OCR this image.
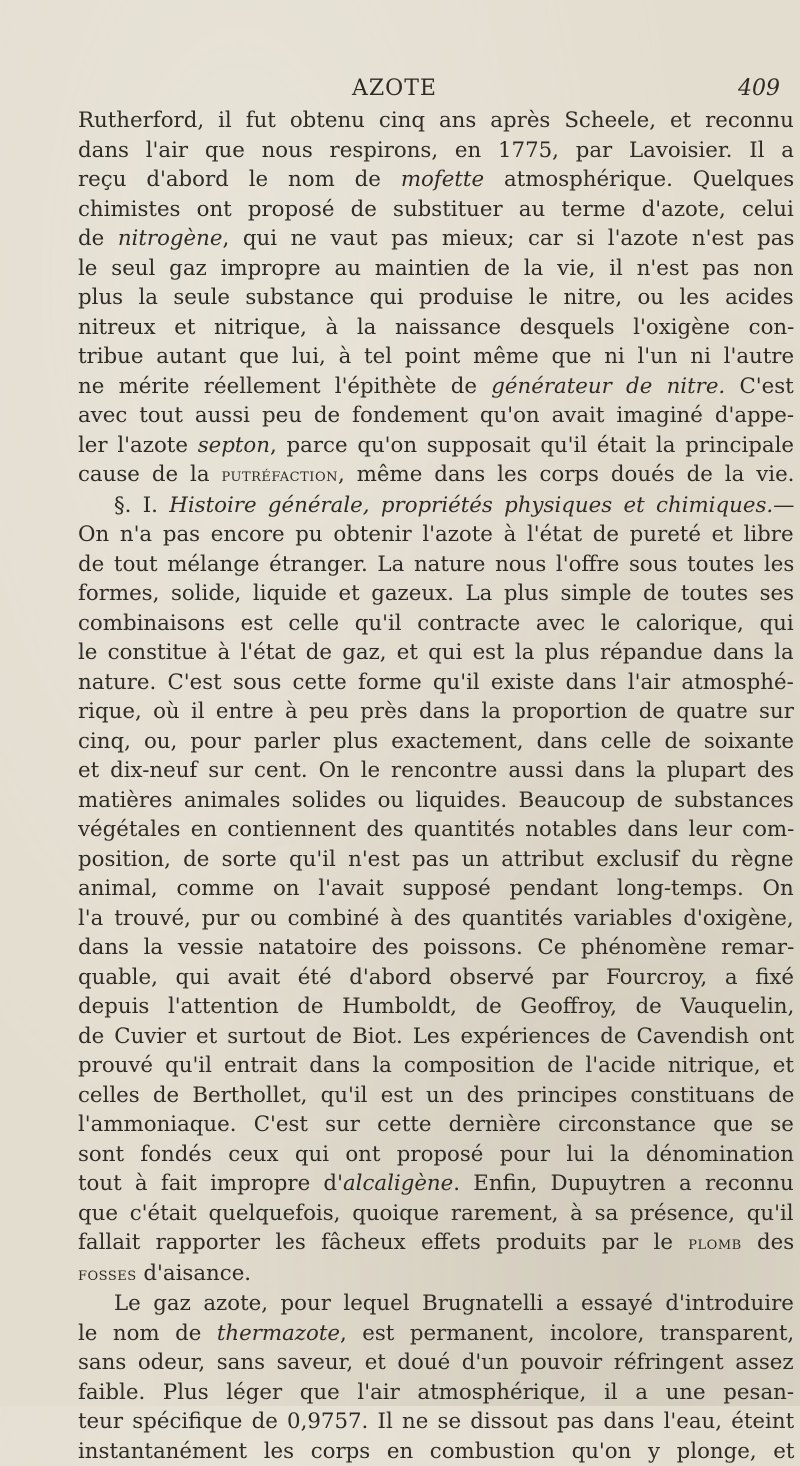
AZOTE	409
Rutherford, il fut obtenu cinq ans après Scheele, et reconnu
dans l'air que nous respirons, en 1775, par Lavoisier. Il a
reçu d'abord le nom de mofette atmosphérique. Quelques
chimistes ont proposé de substituer au terme d'azote, celui
de nitrogène, qui ne vaut pas mieux; car si l'azote n'est pas
le seul gaz impropre au maintien de la vie, il n'est pas non
plus la seule substance qui produise le nitre, ou les acides
nitreux et nitrique, à la naissance desquels l'oxigène con-
tribue autant que lui, à tel point même que ni l'un ni l'autre
ne mérite réellement l'épithète de générateur de nitre. C'est
avec tout aussi peu de fondement qu'on avait imaginé d'appe-
ler l'azote septon, parce qu'on supposait qu'il était la principale
cause de la putréfaction, même dans les corps doués de la vie.
§. I. Histoire générale, propriétés physiques et chimiques.—
On n'a pas encore pu obtenir l'azote à l'état de pureté et libre
de tout mélange étranger. La nature nous l'offre sous toutes les
formes, solide, liquide et gazeux. La plus simple de toutes ses
combinaisons est celle qu'il contracte avec le calorique, qui
le constitue à l'état de gaz, et qui est la plus répandue dans la
nature. C'est sous cette forme qu'il existe dans l'air atmosphé-
rique, où il entre à peu près dans la proportion de quatre sur
cinq, ou, pour parler plus exactement, dans celle de soixante
et dix-neuf sur cent. On le rencontre aussi dans la plupart des
matières animales solides ou liquides. Beaucoup de substances
végétales en contiennent des quantités notables dans leur com-
position, de sorte qu'il n'est pas un attribut exclusif du règne
animal, comme on l'avait supposé pendant long-temps. On
l'a trouvé, pur ou combiné à des quantités variables d'oxigène,
dans la vessie natatoire des poissons. Ce phénomène remar-
quable, qui avait été d'abord observé par Fourcroy, a fixé
depuis l'attention de Humboldt, de Geoffroy, de Vauquelin,
de Cuvier et surtout de Biot. Les expériences de Cavendish ont
prouvé qu'il entrait dans la composition de l'acide nitrique, et
celles de Berthollet, qu'il est un des principes constituans de
l'ammoniaque. C'est sur cette dernière circonstance que se
sont fondés ceux qui ont proposé pour lui la dénomination
tout à fait impropre d'alcaligène. Enfin, Dupuytren a reconnu
que c'était quelquefois, quoique rarement, à sa présence, qu'il
fallait rapporter les fâcheux effets produits par le plomb des
fosses d'aisance.
Le gaz azote, pour lequel Brugnatelli a essayé d'introduire
le nom de thermazote, est permanent, incolore, transparent,
sans odeur, sans saveur, et doué d'un pouvoir réfringent assez
faible. Plus léger que l'air atmosphérique, il a une pesan-
teur spécifique de 0,9757. Il ne se dissout pas dans l'eau, éteint
instantanément les corps en combustion qu'on y plonge, et
